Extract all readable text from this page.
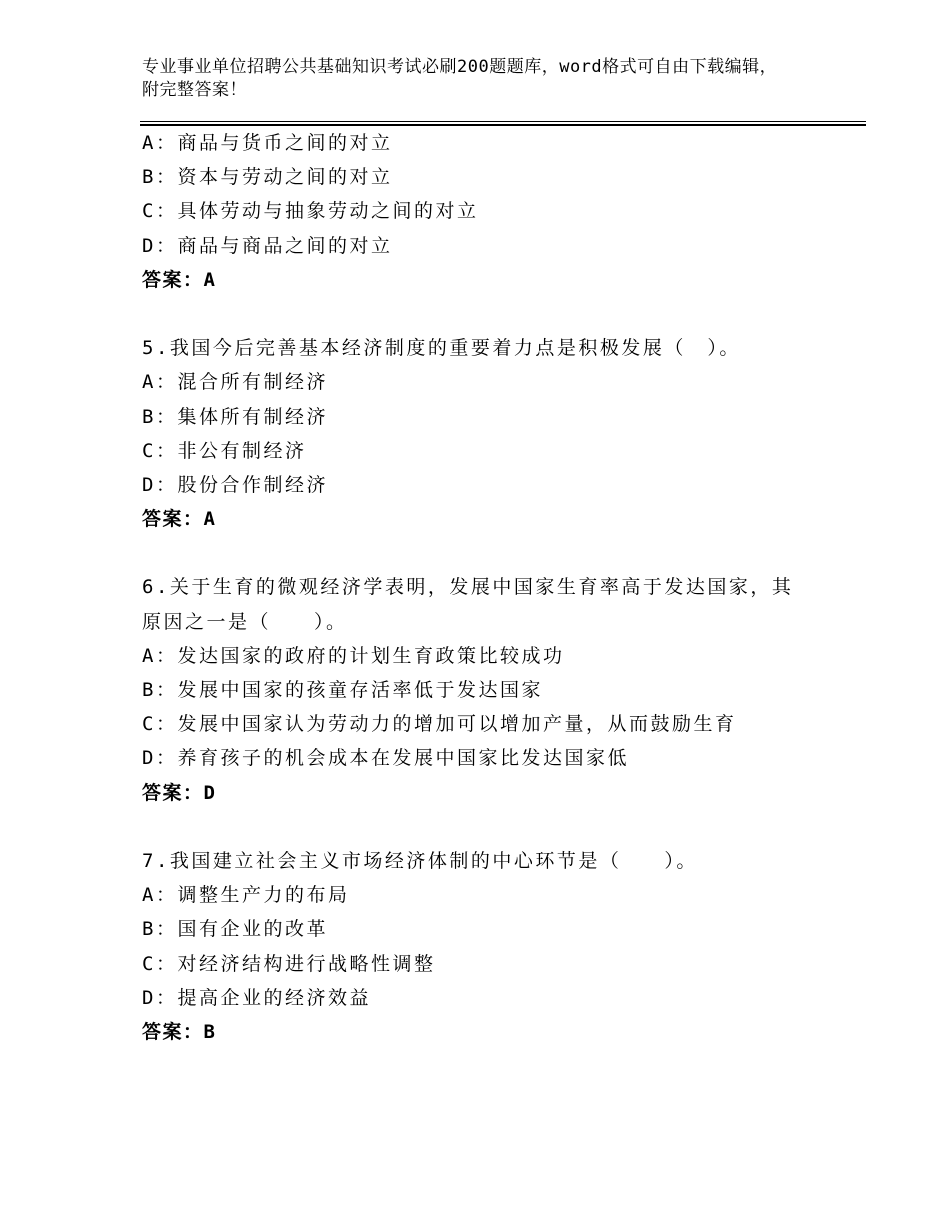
专业事业单位招聘公共基础知识考试必刷200题题库，word格式可自由下载编辑，附完整答案！
A：商品与货币之间的对立
B：资本与劳动之间的对立
C：具体劳动与抽象劳动之间的对立
D：商品与商品之间的对立
答案：A
5.我国今后完善基本经济制度的重要着力点是积极发展（　）。
A：混合所有制经济
B：集体所有制经济
C：非公有制经济
D：股份合作制经济
答案：A
6.关于生育的微观经济学表明，发展中国家生育率高于发达国家，其
原因之一是（　　）。
A：发达国家的政府的计划生育政策比较成功
B：发展中国家的孩童存活率低于发达国家
C：发展中国家认为劳动力的增加可以增加产量，从而鼓励生育
D：养育孩子的机会成本在发展中国家比发达国家低
答案：D
7.我国建立社会主义市场经济体制的中心环节是（　　）。
A：调整生产力的布局
B：国有企业的改革
C：对经济结构进行战略性调整
D：提高企业的经济效益
答案：B
